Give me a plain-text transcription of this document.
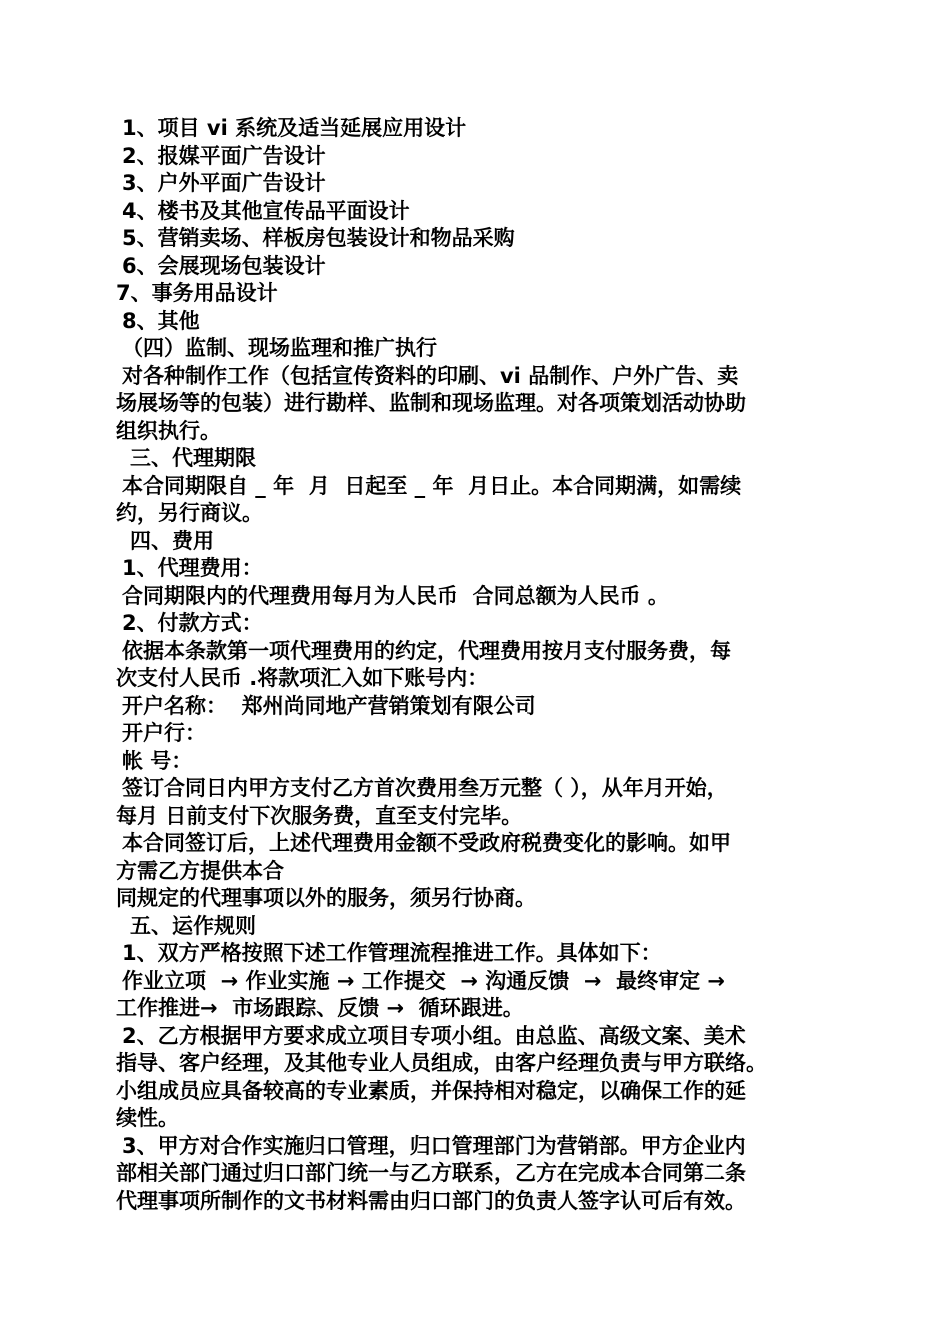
1、项目 vi 系统及适当延展应用设计
2、报媒平面广告设计
3、户外平面广告设计
4、楼书及其他宣传品平面设计
5、营销卖场、样板房包装设计和物品采购
6、会展现场包装设计
7、事务用品设计
8、其他
（四）监制、现场监理和推广执行
对各种制作工作（包括宣传资料的印刷、vi 品制作、户外广告、卖
场展场等的包装）进行勘样、监制和现场监理。对各项策划活动协助
组织执行。
三、代理期限
本合同期限自 _ 年  月  日起至 _ 年  月日止。本合同期满，如需续
约，另行商议。
四、费用
1、代理费用：
合同期限内的代理费用每月为人民币  合同总额为人民币 。
2、付款方式：
依据本条款第一项代理费用的约定，代理费用按月支付服务费，每
次支付人民币 .将款项汇入如下账号内：
开户名称：  郑州尚同地产营销策划有限公司
开户行：
帐 号：
签订合同日内甲方支付乙方首次费用叁万元整（ ），从年月开始，
每月 日前支付下次服务费，直至支付完毕。
本合同签订后，上述代理费用金额不受政府税费变化的影响。如甲
方需乙方提供本合
同规定的代理事项以外的服务，须另行协商。
五、运作规则
1、双方严格按照下述工作管理流程推进工作。具体如下：
作业立项  → 作业实施 → 工作提交  → 沟通反馈  →  最终审定 →
工作推进→  市场跟踪、反馈 →  循环跟进。
2、乙方根据甲方要求成立项目专项小组。由总监、高级文案、美术
指导、客户经理，及其他专业人员组成，由客户经理负责与甲方联络。
小组成员应具备较高的专业素质，并保持相对稳定，以确保工作的延
续性。
3、甲方对合作实施归口管理，归口管理部门为营销部。甲方企业内
部相关部门通过归口部门统一与乙方联系，乙方在完成本合同第二条
代理事项所制作的文书材料需由归口部门的负责人签字认可后有效。
